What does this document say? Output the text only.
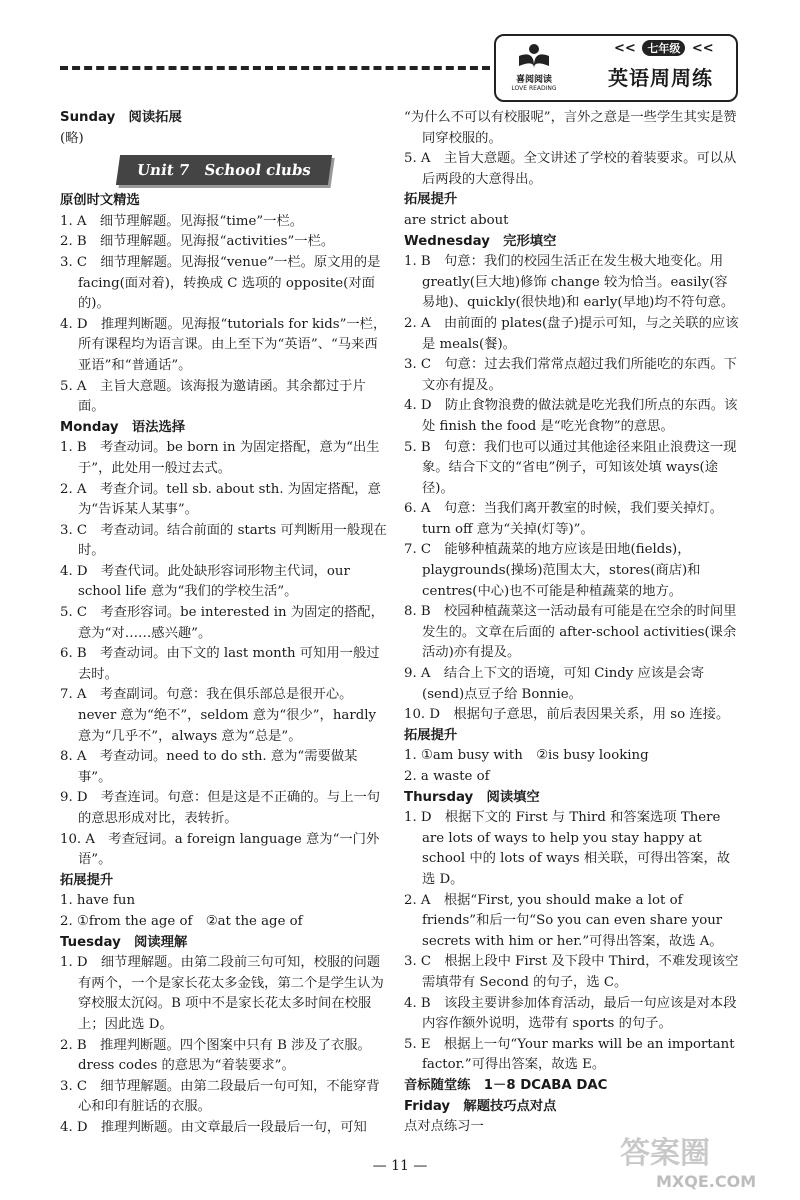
喜阅阅读
LOVE READING
<< 七年级 <<
英语周周练

Sunday　阅读拓展

(略)

Unit 7　School clubs

原创时文精选

1. A　细节理解题。见海报“time”一栏。

2. B　细节理解题。见海报“activities”一栏。

3. C　细节理解题。见海报“venue”一栏。原文用的是 facing(面对着)，转换成 C 选项的 opposite(对面的)。

4. D　推理判断题。见海报“tutorials for kids”一栏，所有课程均为语言课。由上至下为“英语”、“马来西亚语”和“普通话”。

5. A　主旨大意题。该海报为邀请函。其余都过于片面。

Monday　语法选择

1. B　考查动词。be born in 为固定搭配，意为“出生于”，此处用一般过去式。

2. A　考查介词。tell sb. about sth. 为固定搭配，意为“告诉某人某事”。

3. C　考查动词。结合前面的 starts 可判断用一般现在时。

4. D　考查代词。此处缺形容词形物主代词，our school life 意为“我们的学校生活”。

5. C　考查形容词。be interested in 为固定的搭配，意为“对……感兴趣”。

6. B　考查动词。由下文的 last month 可知用一般过去时。

7. A　考查副词。句意：我在俱乐部总是很开心。never 意为“绝不”，seldom 意为“很少”，hardly 意为“几乎不”，always 意为“总是”。

8. A　考查动词。need to do sth. 意为“需要做某事”。

9. D　考查连词。句意：但是这是不正确的。与上一句的意思形成对比，表转折。

10. A　考查冠词。a foreign language 意为“一门外语”。

拓展提升

1. have fun

2. ①from the age of　②at the age of

Tuesday　阅读理解

1. D　细节理解题。由第二段前三句可知，校服的问题有两个，一个是家长花太多金钱，第二个是学生认为穿校服太沉闷。B 项中不是家长花太多时间在校服上；因此选 D。

2. B　推理判断题。四个图案中只有 B 涉及了衣服。dress codes 的意思为“着装要求”。

3. C　细节理解题。由第二段最后一句可知，不能穿背心和印有脏话的衣服。

4. D　推理判断题。由文章最后一段最后一句，可知

“为什么不可以有校服呢”，言外之意是一些学生其实是赞同穿校服的。

5. A　主旨大意题。全文讲述了学校的着装要求。可以从后两段的大意得出。

拓展提升

are strict about

Wednesday　完形填空

1. B　句意：我们的校园生活正在发生极大地变化。用 greatly(巨大地)修饰 change 较为恰当。easily(容易地)、quickly(很快地)和 early(早地)均不符句意。

2. A　由前面的 plates(盘子)提示可知，与之关联的应该是 meals(餐)。

3. C　句意：过去我们常常点超过我们所能吃的东西。下文亦有提及。

4. D　防止食物浪费的做法就是吃光我们所点的东西。该处 finish the food 是“吃光食物”的意思。

5. B　句意：我们也可以通过其他途径来阻止浪费这一现象。结合下文的“省电”例子，可知该处填 ways(途径)。

6. A　句意：当我们离开教室的时候，我们要关掉灯。turn off 意为“关掉(灯等)”。

7. C　能够种植蔬菜的地方应该是田地(fields)，playgrounds(操场)范围太大，stores(商店)和 centres(中心)也不可能是种植蔬菜的地方。

8. B　校园种植蔬菜这一活动最有可能是在空余的时间里发生的。文章在后面的 after-school activities(课余活动)亦有提及。

9. A　结合上下文的语境，可知 Cindy 应该是会寄(send)点豆子给 Bonnie。

10. D　根据句子意思，前后表因果关系，用 so 连接。

拓展提升

1. ①am busy with　②is busy looking

2. a waste of

Thursday　阅读填空

1. D　根据下文的 First 与 Third 和答案选项 There are lots of ways to help you stay happy at school 中的 lots of ways 相关联，可得出答案，故选 D。

2. A　根据“First, you should make a lot of friends”和后一句“So you can even share your secrets with him or her.”可得出答案，故选 A。

3. C　根据上段中 First 及下段中 Third，不难发现该空需填带有 Second 的句子，选 C。

4. B　该段主要讲参加体育活动，最后一句应该是对本段内容作额外说明，选带有 sports 的句子。

5. E　根据上一句“Your marks will be an important factor.”可得出答案，故选 E。

音标随堂练　1－8 DCABA DAC

Friday　解题技巧点对点

点对点练习一

— 11 —	答案圈
MXQE.COM
